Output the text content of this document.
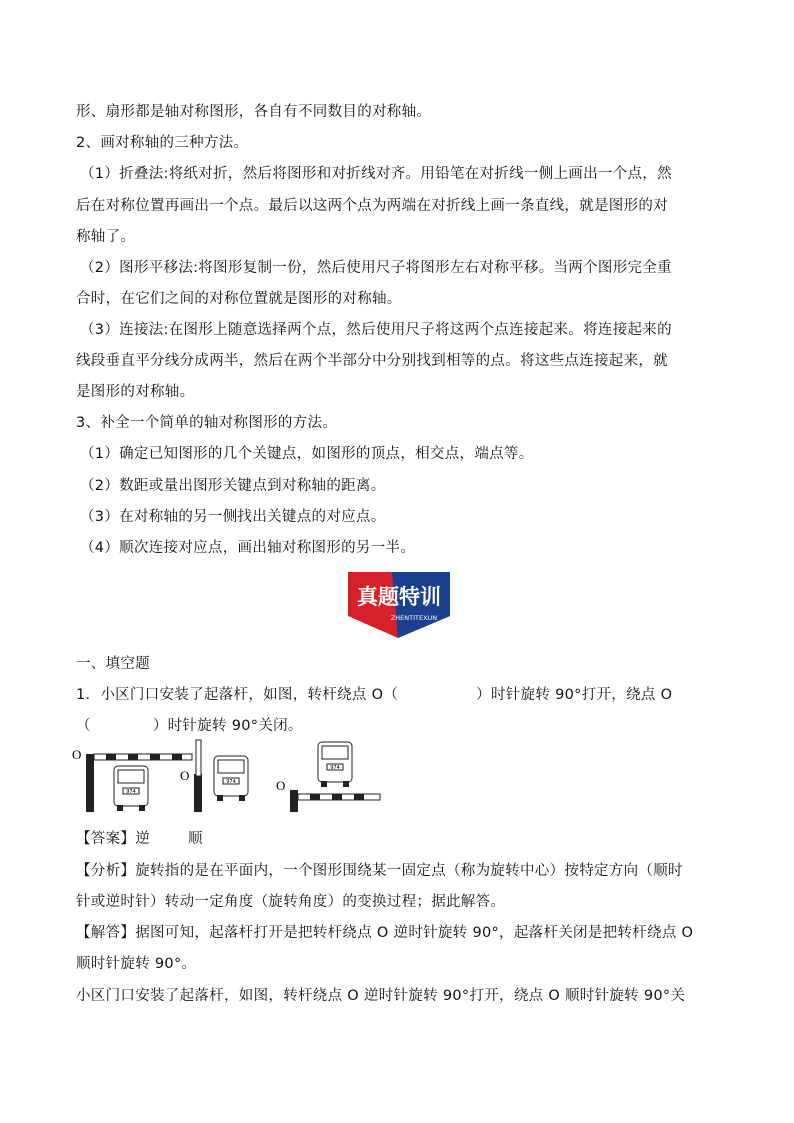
形、扇形都是轴对称图形，各自有不同数目的对称轴。
2、画对称轴的三种方法。
（1）折叠法:将纸对折，然后将图形和对折线对齐。用铅笔在对折线一侧上画出一个点，然
后在对称位置再画出一个点。最后以这两个点为两端在对折线上画一条直线，就是图形的对
称轴了。
（2）图形平移法:将图形复制一份，然后使用尺子将图形左右对称平移。当两个图形完全重
合时，在它们之间的对称位置就是图形的对称轴。
（3）连接法:在图形上随意选择两个点，然后使用尺子将这两个点连接起来。将连接起来的
线段垂直平分线分成两半，然后在两个半部分中分别找到相等的点。将这些点连接起来，就
是图形的对称轴。
3、补全一个简单的轴对称图形的方法。
（1）确定已知图形的几个关键点，如图形的顶点，相交点，端点等。
（2）数距或量出图形关键点到对称轴的距离。
（3）在对称轴的另一侧找出关键点的对应点。
（4）顺次连接对应点，画出轴对称图形的另一半。
真题特训
ZHENTITEXUN
一、填空题
1．小区门口安装了起落杆，如图，转杆绕点 O（	）时针旋转 90°打开，绕点 O
（	）时针旋转 90°关闭。
O
974
O	974	O
974
【答案】逆	顺
【分析】旋转指的是在平面内，一个图形围绕某一固定点（称为旋转中心）按特定方向（顺时
针或逆时针）转动一定角度（旋转角度）的变换过程；据此解答。
【解答】据图可知，起落杆打开是把转杆绕点 O 逆时针旋转 90°，起落杆关闭是把转杆绕点 O
顺时针旋转 90°。
小区门口安装了起落杆，如图，转杆绕点 O 逆时针旋转 90°打开，绕点 O 顺时针旋转 90°关
